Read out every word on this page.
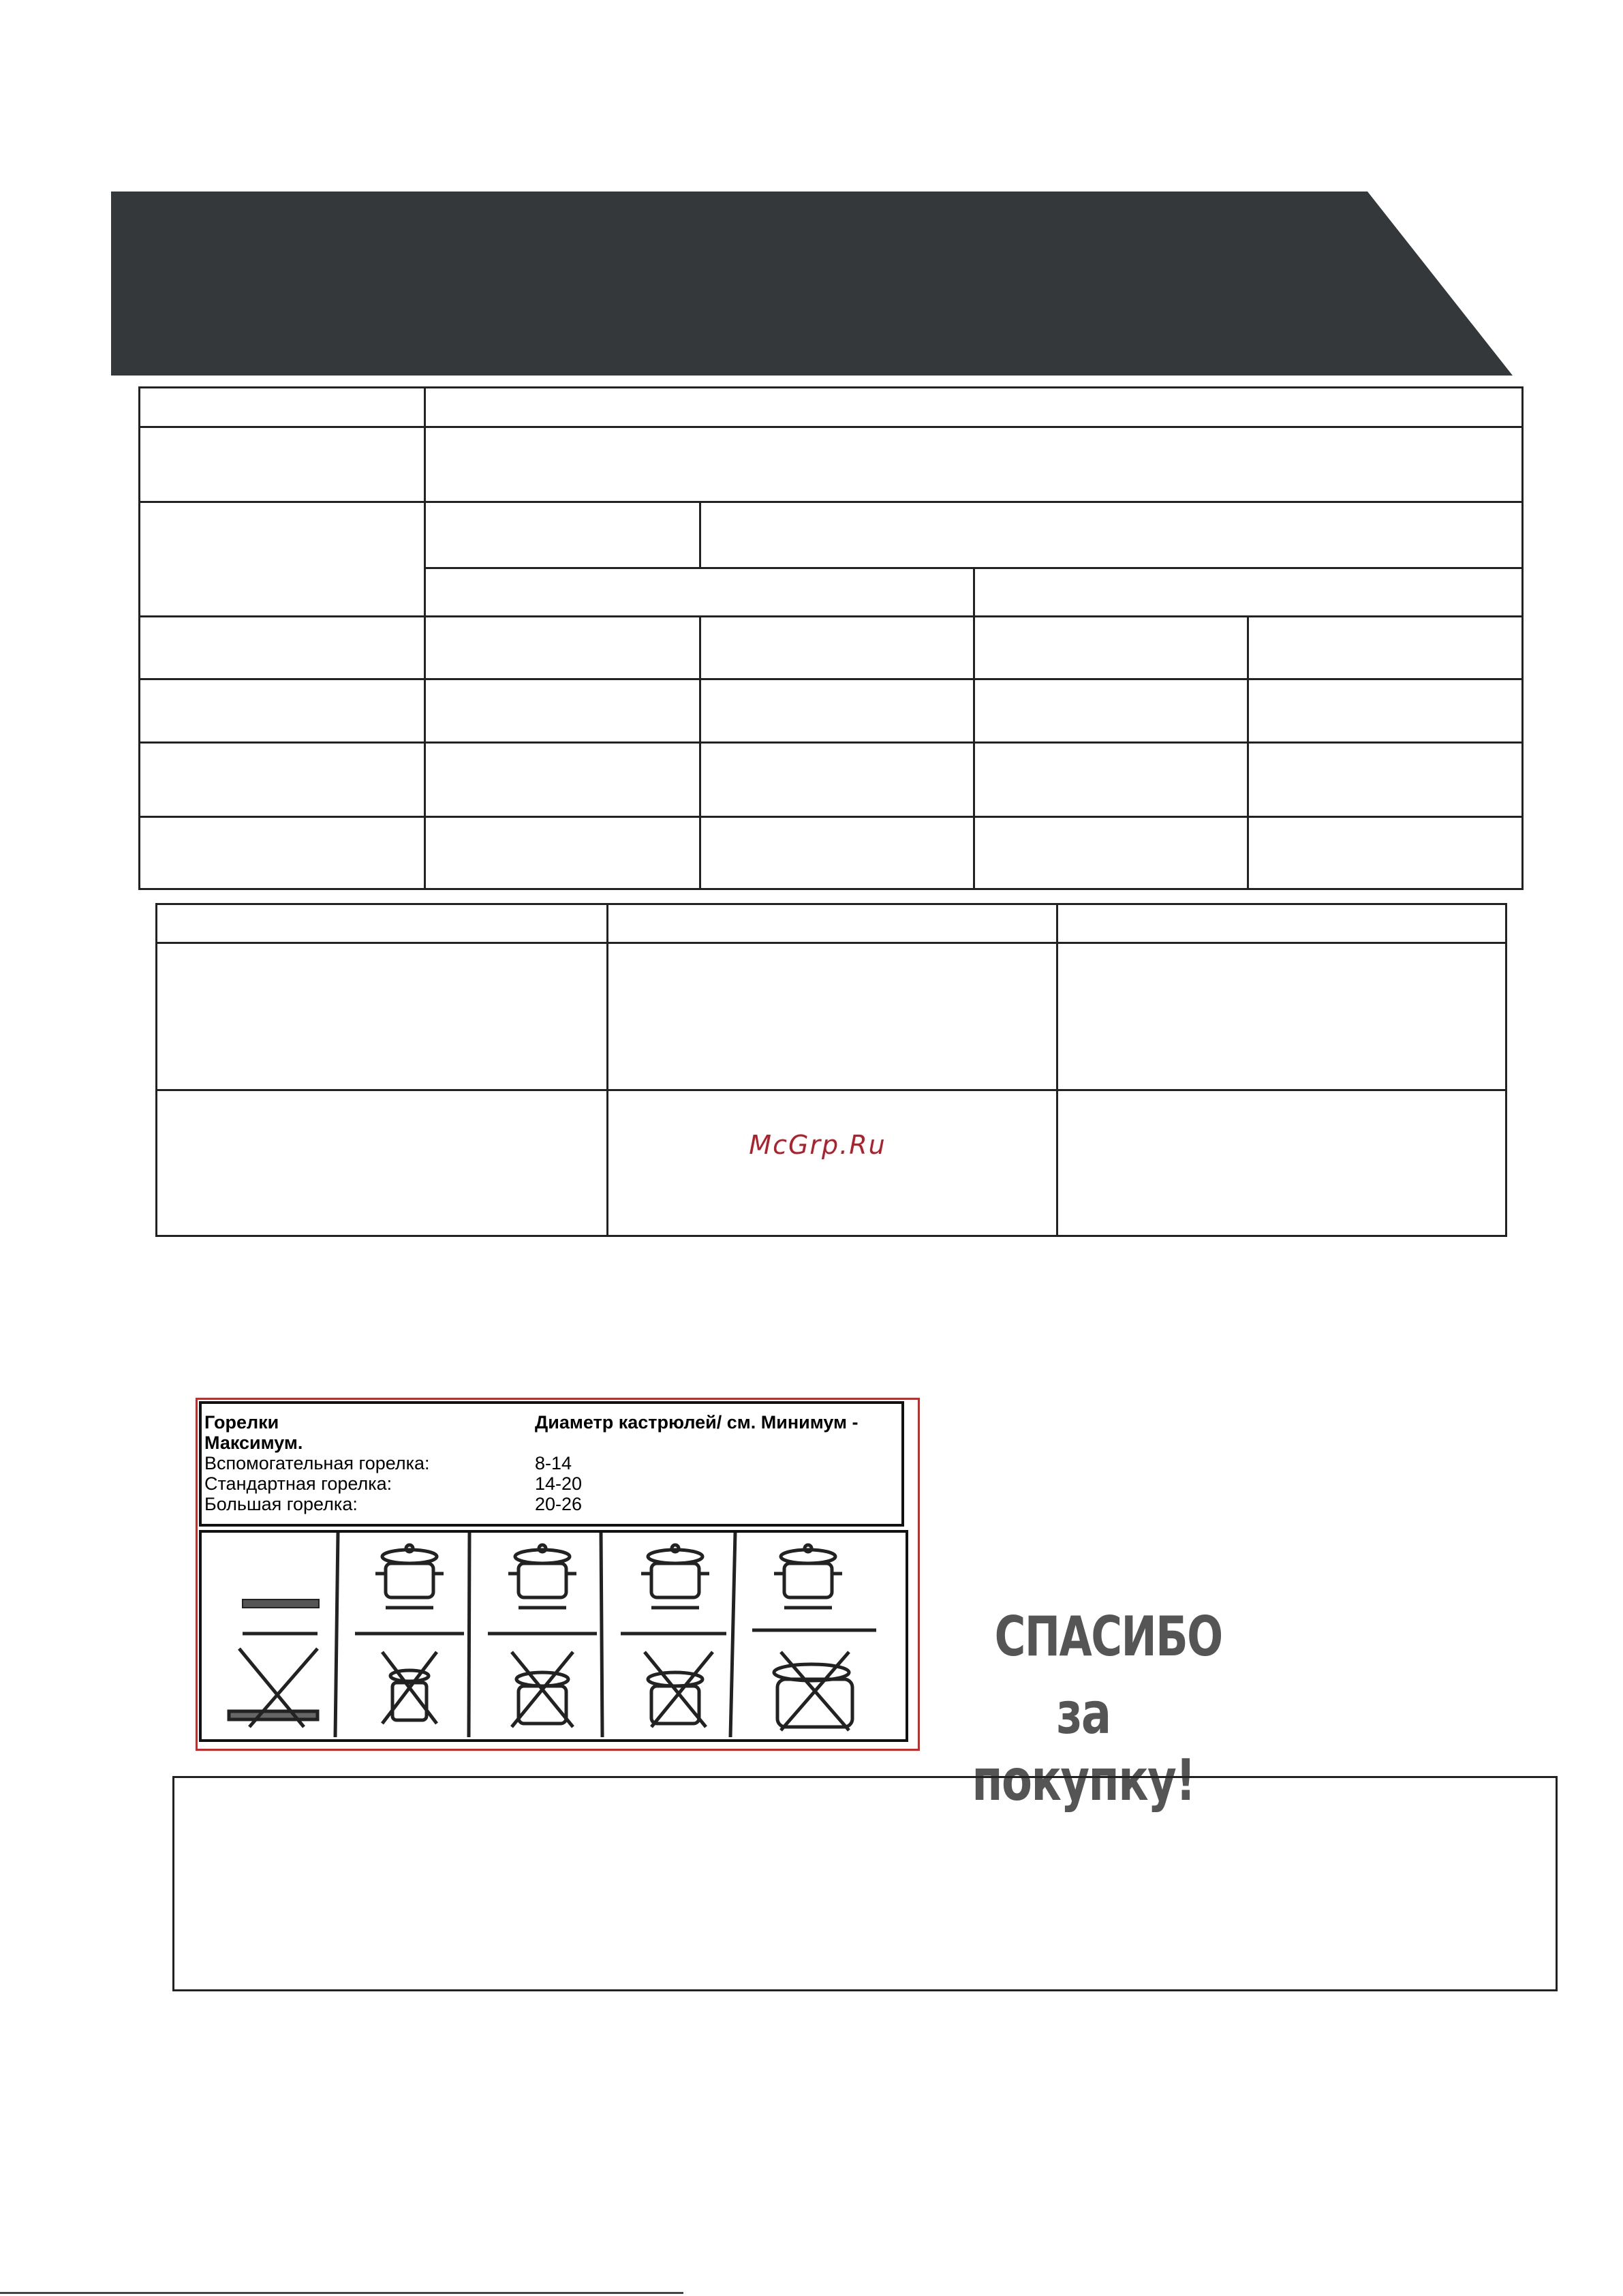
McGrp.Ru
Горелки	Диаметр кастрюлей/ см. Минимум -
Максимум.
Вспомогательная горелка:	8-14
Стандартная горелка:	14-20
Большая горелка:	20-26
СПАСИБО
за покупку!
